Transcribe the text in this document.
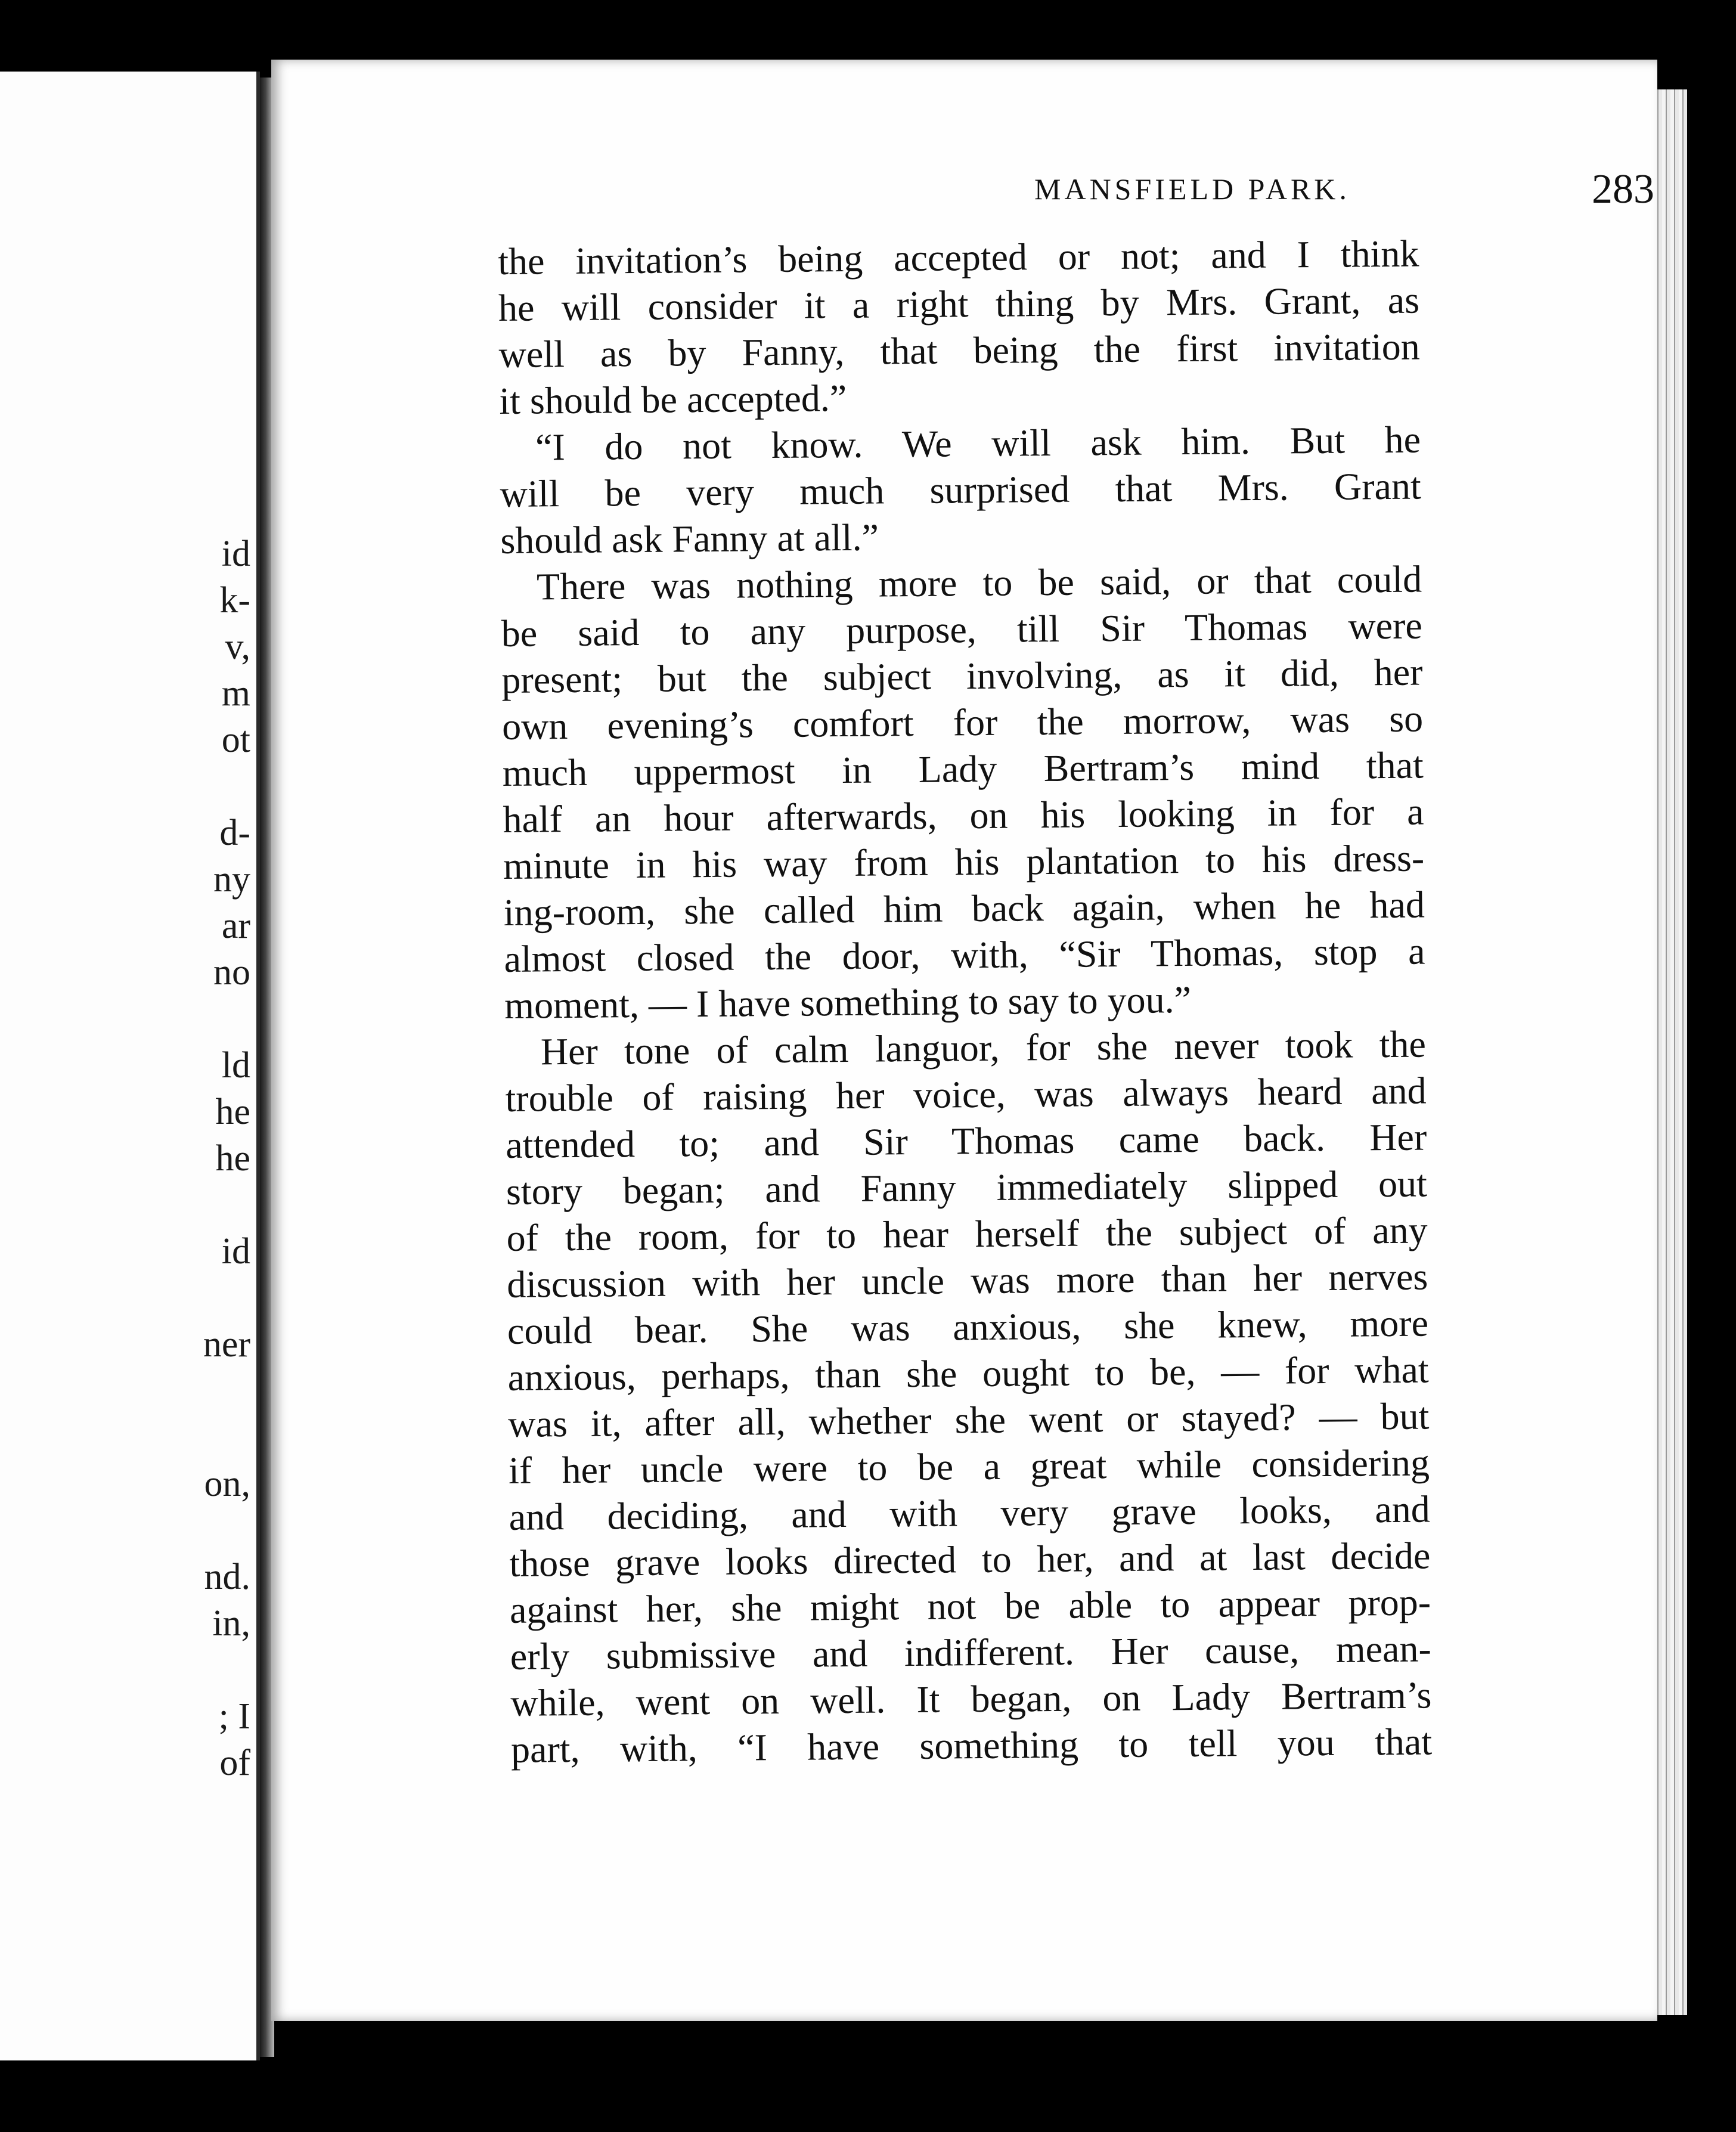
id
k-
v,
m
ot
d-
ny
ar
no
ld
he
he
id
ner
on,
nd.
in,
; I
of
MANSFIELD PARK.	283
the invitation’s being accepted or not; and I think
he will consider it a right thing by Mrs. Grant, as
well as by Fanny, that being the first invitation
it should be accepted.”
“I do not know. We will ask him. But he
will be very much surprised that Mrs. Grant
should ask Fanny at all.”
There was nothing more to be said, or that could
be said to any purpose, till Sir Thomas were
present; but the subject involving, as it did, her
own evening’s comfort for the morrow, was so
much uppermost in Lady Bertram’s mind that
half an hour afterwards, on his looking in for a
minute in his way from his plantation to his dress-
ing-room, she called him back again, when he had
almost closed the door, with, “Sir Thomas, stop a
moment, — I have something to say to you.”
Her tone of calm languor, for she never took the
trouble of raising her voice, was always heard and
attended to; and Sir Thomas came back. Her
story began; and Fanny immediately slipped out
of the room, for to hear herself the subject of any
discussion with her uncle was more than her nerves
could bear. She was anxious, she knew, more
anxious, perhaps, than she ought to be, — for what
was it, after all, whether she went or stayed? — but
if her uncle were to be a great while considering
and deciding, and with very grave looks, and
those grave looks directed to her, and at last decide
against her, she might not be able to appear prop-
erly submissive and indifferent. Her cause, mean-
while, went on well. It began, on Lady Bertram’s
part, with, “I have something to tell you that
